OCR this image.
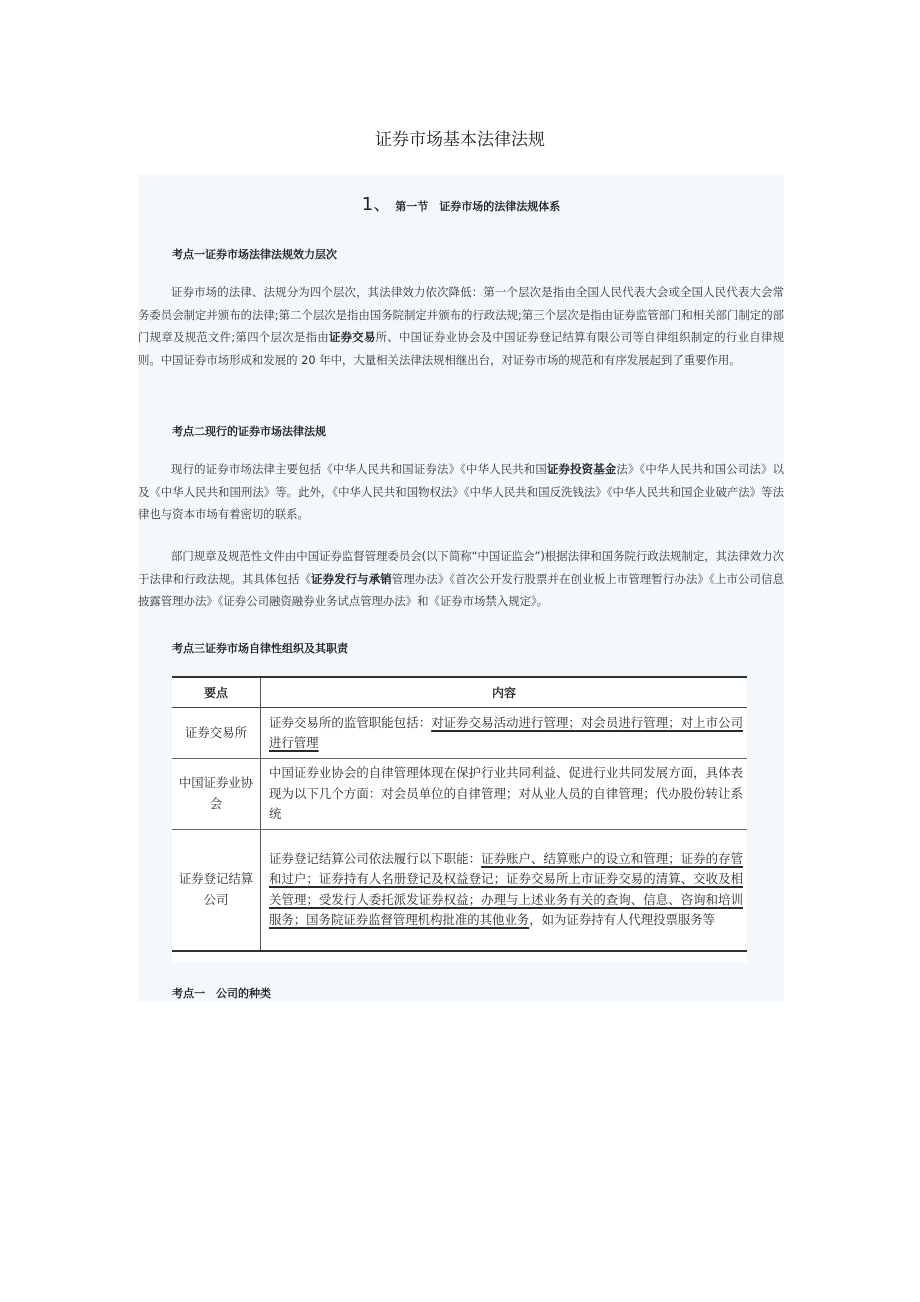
证券市场基本法律法规
1、 第一节　证券市场的法律法规体系
考点一证券市场法律法规效力层次

证券市场的法律、法规分为四个层次，其法律效力依次降低：第一个层次是指由全国人民代表大会或全国人民代表大会常务委员会制定并颁布的法律;第二个层次是指由国务院制定并颁布的行政法规;第三个层次是指由证券监管部门和相关部门制定的部门规章及规范文件;第四个层次是指由证券交易所、中国证券业协会及中国证券登记结算有限公司等自律组织制定的行业自律规则。中国证券市场形成和发展的 20 年中，大量相关法律法规相继出台，对证券市场的规范和有序发展起到了重要作用。

考点二现行的证券市场法律法规

现行的证券市场法律主要包括《中华人民共和国证券法》《中华人民共和国证券投资基金法》《中华人民共和国公司法》以及《中华人民共和国刑法》等。此外，《中华人民共和国物权法》《中华人民共和国反洗钱法》《中华人民共和国企业破产法》等法律也与资本市场有着密切的联系。

部门规章及规范性文件由中国证券监督管理委员会(以下简称“中国证监会”)根据法律和国务院行政法规制定，其法律效力次于法律和行政法规。其具体包括《证券发行与承销管理办法》《首次公开发行股票并在创业板上市管理暂行办法》《上市公司信息披露管理办法》《证券公司融资融券业务试点管理办法》和《证券市场禁入规定》。

考点三证券市场自律性组织及其职责
要点	内容
证券交易所	证券交易所的监管职能包括：对证券交易活动进行管理；对会员进行管理；对上市公司进行管理
中国证券业协会	中国证券业协会的自律管理体现在保护行业共同利益、促进行业共同发展方面，具体表现为以下几个方面：对会员单位的自律管理；对从业人员的自律管理；代办股份转让系统
证券登记结算公司	证券登记结算公司依法履行以下职能：证券账户、结算账户的设立和管理；证券的存管和过户；证券持有人名册登记及权益登记；证券交易所上市证券交易的清算、交收及相关管理；受发行人委托派发证券权益；办理与上述业务有关的查询、信息、咨询和培训服务；国务院证券监督管理机构批准的其他业务，如为证券持有人代理投票服务等
考点一　公司的种类
